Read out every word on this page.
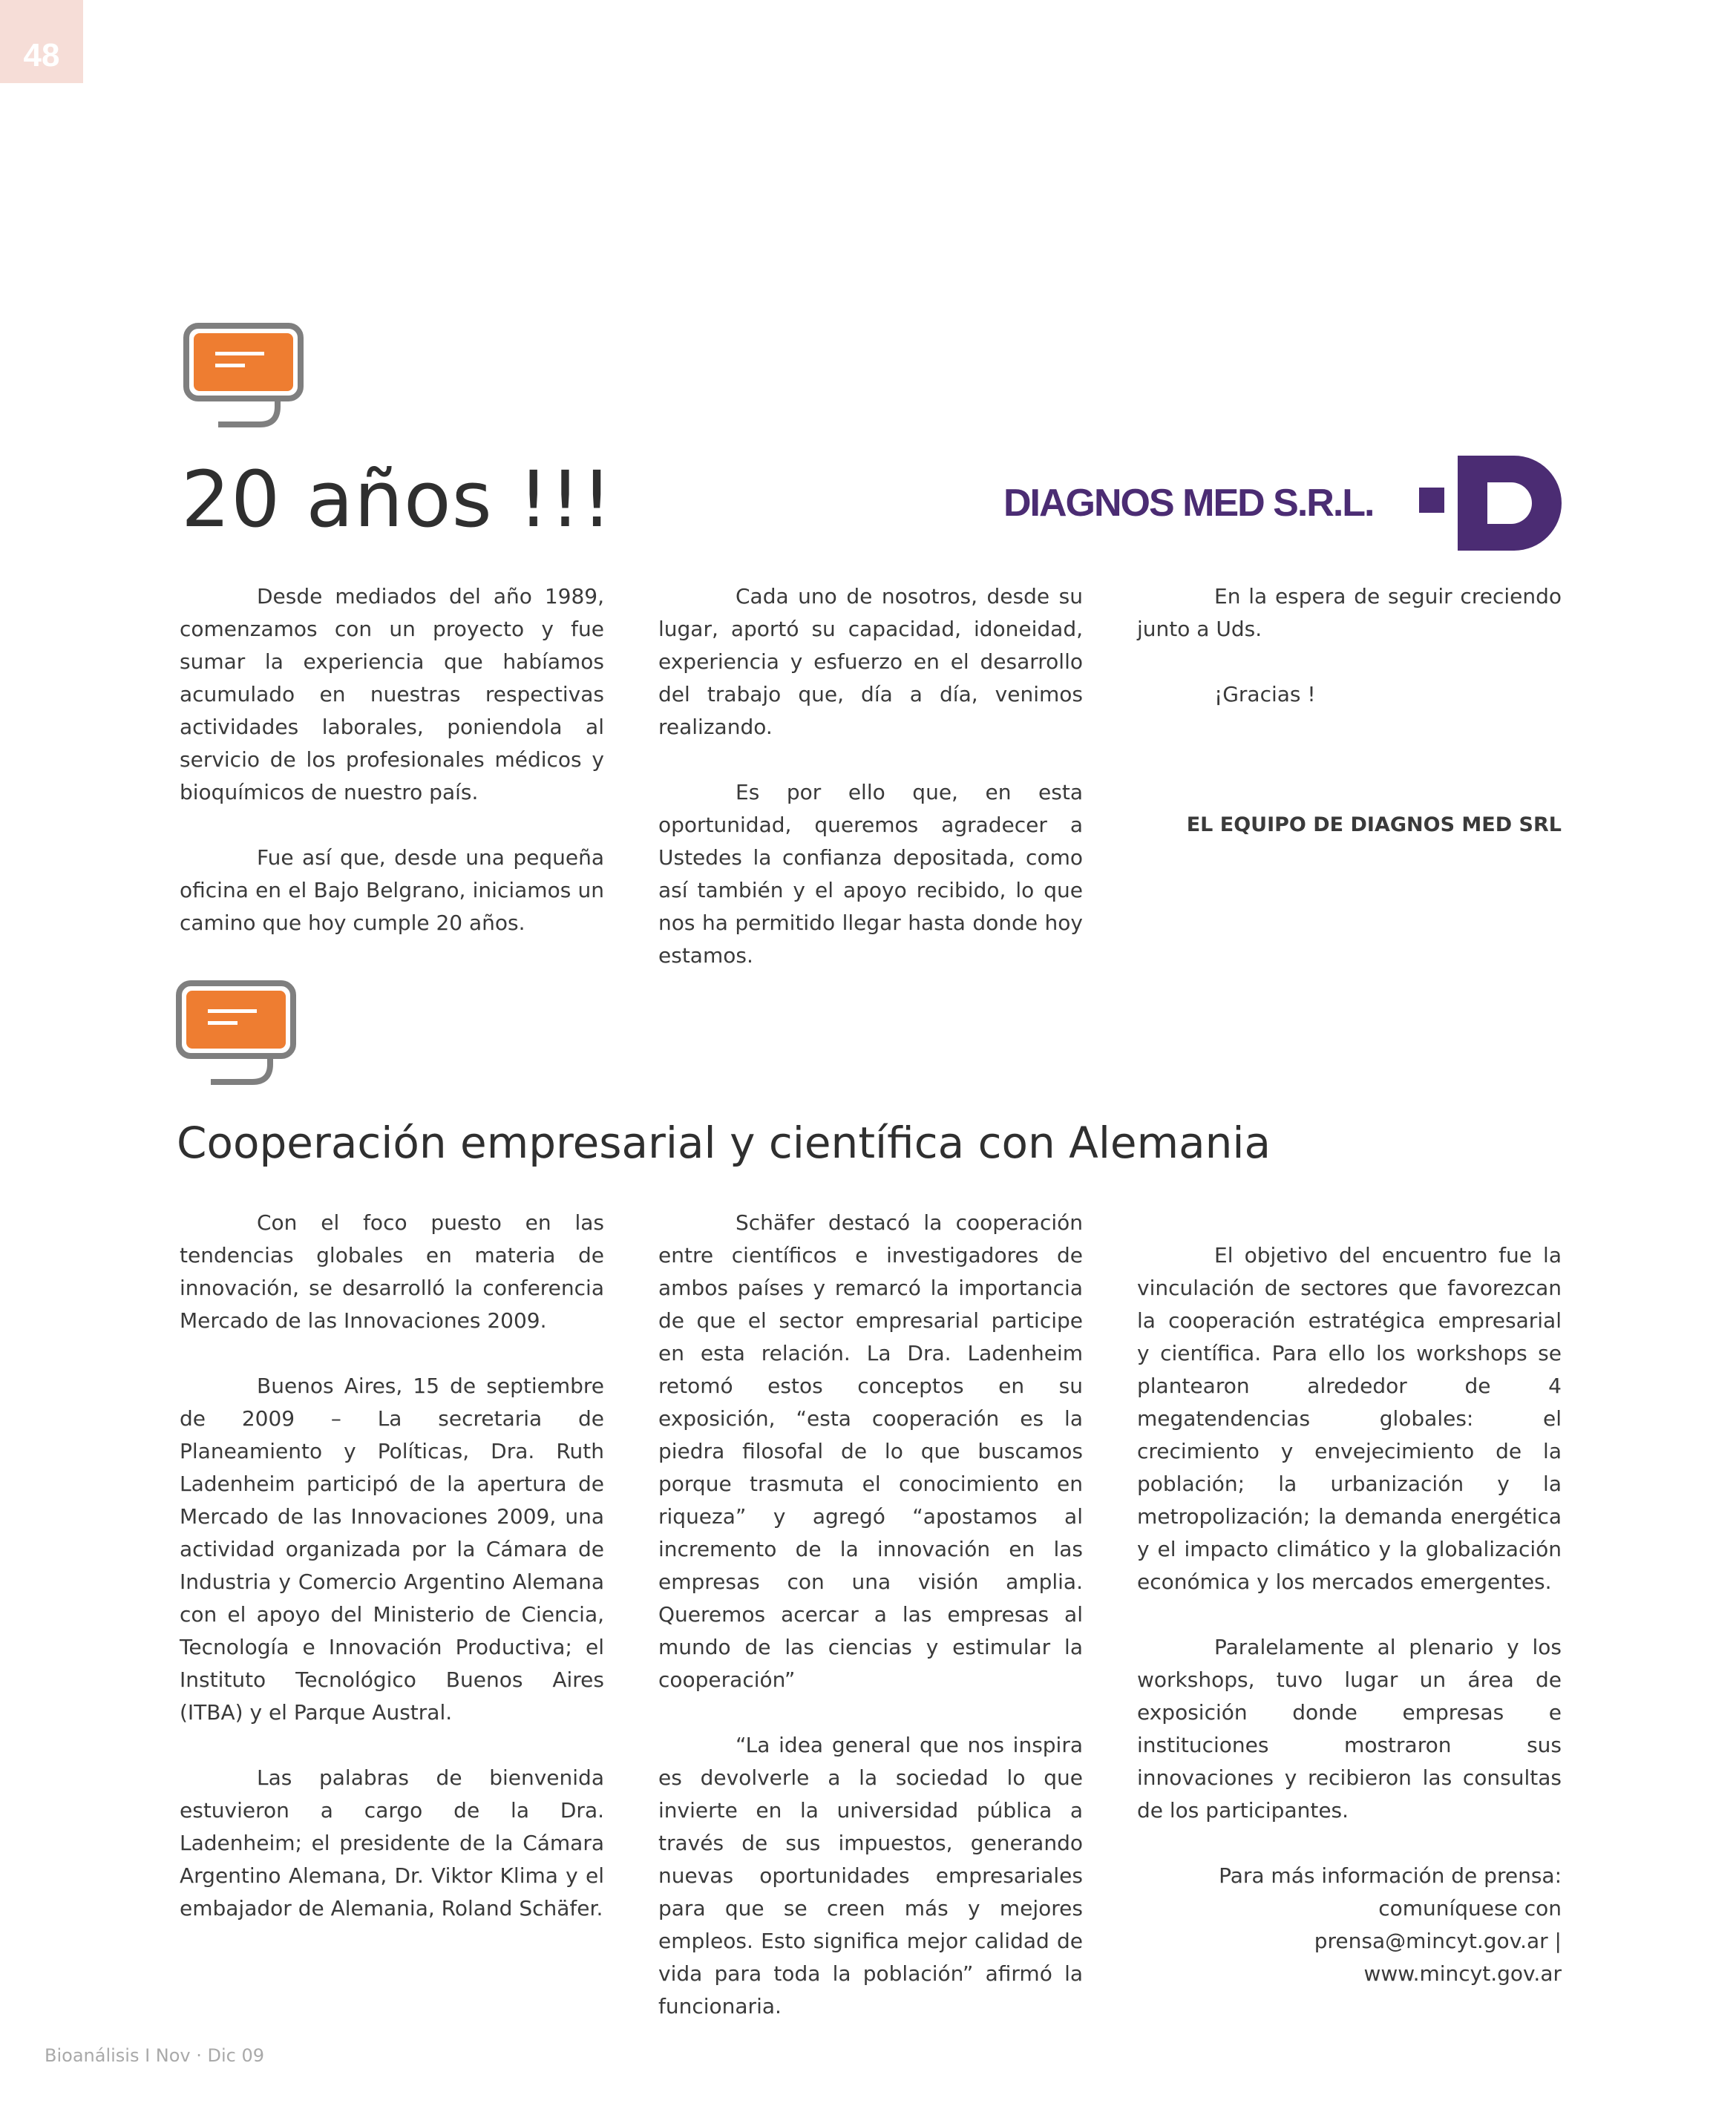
48
20 años !!!	DIAGNOS MED S.R.L.

Desde mediados del año 1989, comenzamos con un proyecto y fue sumar la experiencia que habíamos acumulado en nuestras respectivas actividades laborales, poniendola al servicio de los profesionales médicos y bioquímicos de nuestro país.

Fue así que, desde una pequeña oficina en el Bajo Belgrano, iniciamos un camino que hoy cumple 20 años.

Cada uno de nosotros, desde su lugar, aportó su capacidad, idoneidad, experiencia y esfuerzo en el desarrollo del trabajo que, día a día, venimos realizando.

Es por ello que, en esta oportunidad, queremos agradecer a Ustedes la confianza depositada, como así también y el apoyo recibido, lo que nos ha permitido llegar hasta donde hoy estamos.

En la espera de seguir creciendo junto a Uds.

¡Gracias !

EL EQUIPO DE DIAGNOS MED SRL

Cooperación empresarial y científica con Alemania

Con el foco puesto en las tendencias globales en materia de innovación, se desarrolló la conferencia Mercado de las Innovaciones 2009.

Buenos Aires, 15 de septiembre de 2009 – La secretaria de Planeamiento y Políticas, Dra. Ruth Ladenheim participó de la apertura de Mercado de las Innovaciones 2009, una actividad organizada por la Cámara de Industria y Comercio Argentino Alemana con el apoyo del Ministerio de Ciencia, Tecnología e Innovación Productiva; el Instituto Tecnológico Buenos Aires (ITBA) y el Parque Austral.

Las palabras de bienvenida estuvieron a cargo de la Dra. Ladenheim; el presidente de la Cámara Argentino Alemana, Dr. Viktor Klima y el embajador de Alemania, Roland Schäfer.

Schäfer destacó la cooperación entre científicos e investigadores de ambos países y remarcó la importancia de que el sector empresarial participe en esta relación. La Dra. Ladenheim retomó estos conceptos en su exposición, “esta cooperación es la piedra filosofal de lo que buscamos porque trasmuta el conocimiento en riqueza” y agregó “apostamos al incremento de la innovación en las empresas con una visión amplia. Queremos acercar a las empresas al mundo de las ciencias y estimular la cooperación”

“La idea general que nos inspira es devolverle a la sociedad lo que invierte en la universidad pública a través de sus impuestos, generando nuevas oportunidades empresariales para que se creen más y mejores empleos. Esto significa mejor calidad de vida para toda la población” afirmó la funcionaria.

El objetivo del encuentro fue la vinculación de sectores que favorezcan la cooperación estratégica empresarial y científica. Para ello los workshops se plantearon alrededor de 4 megatendencias globales: el crecimiento y envejecimiento de la población; la urbanización y la metropolización; la demanda energética y el impacto climático y la globalización económica y los mercados emergentes.

Paralelamente al plenario y los workshops, tuvo lugar un área de exposición donde empresas e instituciones mostraron sus innovaciones y recibieron las consultas de los participantes.

Para más información de prensa:
comuníquese con
prensa@mincyt.gov.ar |
www.mincyt.gov.ar

Bioanálisis I Nov · Dic 09
